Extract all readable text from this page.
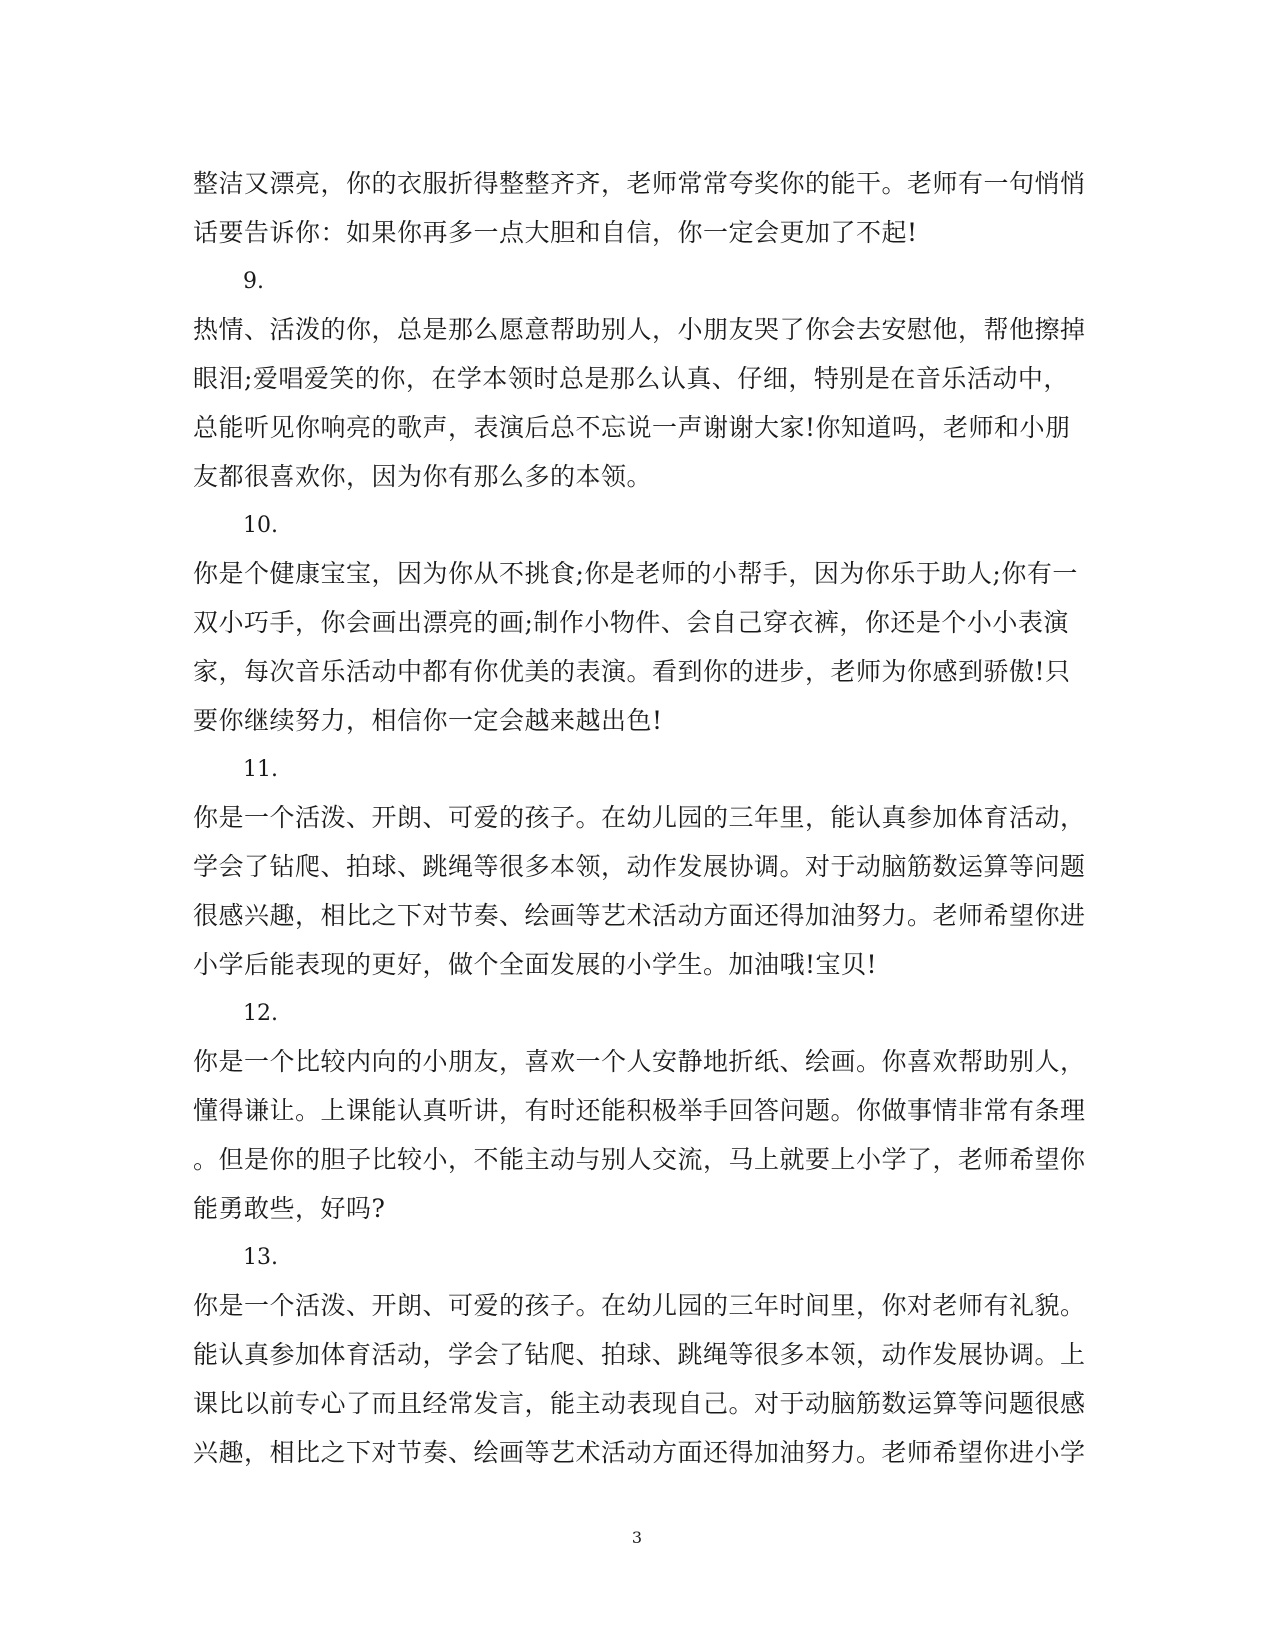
整洁又漂亮，你的衣服折得整整齐齐，老师常常夸奖你的能干。老师有一句悄悄
话要告诉你：如果你再多一点大胆和自信，你一定会更加了不起!
9.
热情、活泼的你，总是那么愿意帮助别人，小朋友哭了你会去安慰他，帮他擦掉
眼泪;爱唱爱笑的你，在学本领时总是那么认真、仔细，特别是在音乐活动中，
总能听见你响亮的歌声，表演后总不忘说一声谢谢大家!你知道吗，老师和小朋
友都很喜欢你，因为你有那么多的本领。
10.
你是个健康宝宝，因为你从不挑食;你是老师的小帮手，因为你乐于助人;你有一
双小巧手，你会画出漂亮的画;制作小物件、会自己穿衣裤，你还是个小小表演
家，每次音乐活动中都有你优美的表演。看到你的进步，老师为你感到骄傲!只
要你继续努力，相信你一定会越来越出色!
11.
你是一个活泼、开朗、可爱的孩子。在幼儿园的三年里，能认真参加体育活动，
学会了钻爬、拍球、跳绳等很多本领，动作发展协调。对于动脑筋数运算等问题
很感兴趣，相比之下对节奏、绘画等艺术活动方面还得加油努力。老师希望你进
小学后能表现的更好，做个全面发展的小学生。加油哦!宝贝!
12.
你是一个比较内向的小朋友，喜欢一个人安静地折纸、绘画。你喜欢帮助别人，
懂得谦让。上课能认真听讲，有时还能积极举手回答问题。你做事情非常有条理
。但是你的胆子比较小，不能主动与别人交流，马上就要上小学了，老师希望你
能勇敢些，好吗?
13.
你是一个活泼、开朗、可爱的孩子。在幼儿园的三年时间里，你对老师有礼貌。
能认真参加体育活动，学会了钻爬、拍球、跳绳等很多本领，动作发展协调。上
课比以前专心了而且经常发言，能主动表现自己。对于动脑筋数运算等问题很感
兴趣，相比之下对节奏、绘画等艺术活动方面还得加油努力。老师希望你进小学
3
